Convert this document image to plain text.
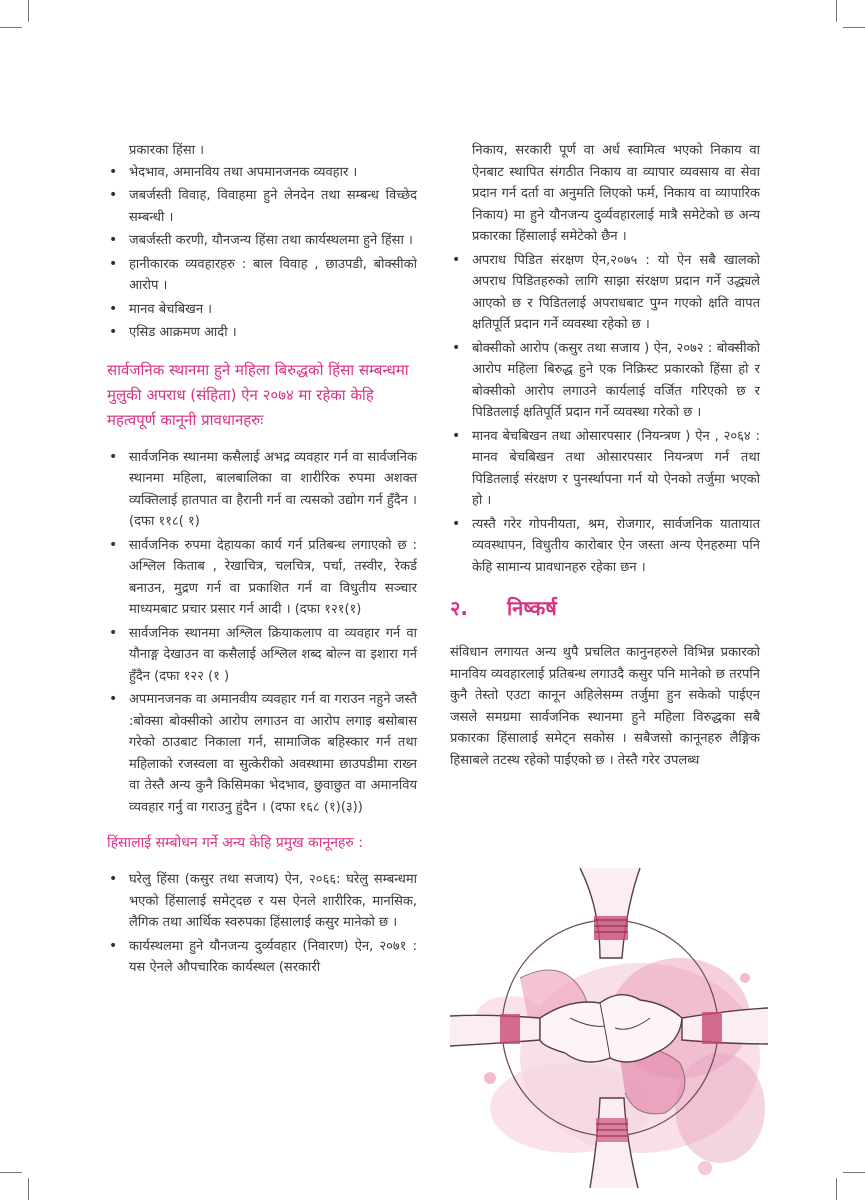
प्रकारका हिंसा ।

• भेदभाव, अमानविय तथा अपमानजनक व्यवहार ।
• जबर्जस्ती विवाह, विवाहमा हुने लेनदेन तथा सम्बन्ध विच्छेद सम्बन्धी ।
• जबर्जस्ती करणी, यौनजन्य हिंसा तथा कार्यस्थलमा हुने हिंसा ।
• हानीकारक व्यवहारहरु : बाल विवाह , छाउपडी, बोक्सीको आरोप ।
• मानव बेचबिखन ।
• एसिड आक्रमण आदी ।
सार्वजनिक स्थानमा हुने महिला बिरुद्धको हिंसा सम्बन्धमा मुलुकी अपराध (संहिता) ऐन २०७४ मा रहेका केहि महत्वपूर्ण कानूनी प्रावधानहरुः
• सार्वजनिक स्थानमा कसैलाई अभद्र व्यवहार गर्न वा सार्वजनिक स्थानमा महिला, बालबालिका वा शारीरिक रुपमा अशक्त व्यक्तिलाई हातपात वा हैरानी गर्न वा त्यसको उद्योग गर्न हुँदैन । (दफा ११८( १)
• सार्वजनिक रुपमा देहायका कार्य गर्न प्रतिबन्ध लगाएको छ : अश्लिल किताब , रेखाचित्र, चलचित्र, पर्चा, तस्वीर, रेकर्ड बनाउन, मुद्रण गर्न वा प्रकाशित गर्न वा विधुतीय सञ्चार माध्यमबाट प्रचार प्रसार गर्न आदी । (दफा १२१(१)
• सार्वजनिक स्थानमा अश्लिल क्रियाकलाप वा व्यवहार गर्न वा यौनाङ्ग देखाउन वा कसैलाई अश्लिल शब्द बोल्न वा इशारा गर्न हुँदैन (दफा १२२ (१ )
• अपमानजनक वा अमानवीय व्यवहार गर्न वा गराउन नहुने जस्तै :बोक्सा बोक्सीको आरोप लगाउन वा आरोप लगाइ बसोबास गरेको ठाउबाट निकाला गर्न, सामाजिक बहिस्कार गर्न तथा महिलाको रजस्वला वा सुत्केरीको अवस्थामा छाउपडीमा राख्न वा तेस्तै अन्य कुनै किसिमका भेदभाव, छुवाछुत वा अमानविय व्यवहार गर्नु वा गराउनु हुंदैन । (दफा १६८ (१)(३))
हिंसालाई सम्बोधन गर्ने अन्य केहि प्रमुख कानूनहरु :
• घरेलु हिंसा (कसुर तथा सजाय) ऐन, २०६६: घरेलु सम्बन्धमा भएको हिंसालाई समेट्दछ र यस ऐनले शारीरिक, मानसिक, लैगिक तथा आर्थिक स्वरुपका हिंसालाई कसुर मानेको छ ।
• कार्यस्थलमा हुने यौनजन्य दुर्व्यवहार (निवारण) ऐन, २०७१ : यस ऐनले औपचारिक कार्यस्थल (सरकारी

निकाय, सरकारी पूर्ण वा अर्ध स्वामित्व भएको निकाय वा ऐनबाट स्थापित संगठीत निकाय वा व्यापार व्यवसाय वा सेवा प्रदान गर्न दर्ता वा अनुमति लिएको फर्म, निकाय वा व्यापारिक निकाय) मा हुने यौनजन्य दुर्व्यवहारलाई मात्रै समेटेको छ अन्य प्रकारका हिंसालाई समेटेको छैन ।

• अपराध पिडित संरक्षण ऐन,२०७५ : यो ऐन सबै खालको अपराध पिडितहरुको लागि साझा संरक्षण प्रदान गर्ने उद्ध्यले आएको छ र पिडितलाई अपराधबाट पुग्न गएको क्षति वापत क्षतिपूर्ति प्रदान गर्ने व्यवस्था रहेको छ ।
• बोक्सीको आरोप (कसुर तथा सजाय ) ऐन, २०७२ : बोक्सीको आरोप महिला बिरुद्ध हुने एक निक्रिस्ट प्रकारको हिंसा हो र बोक्सीको आरोप लगाउने कार्यलाई वर्जित गरिएको छ र पिडितलाई क्षतिपूर्ति प्रदान गर्ने व्यवस्था गरेको छ ।
• मानव बेचबिखन तथा ओसारपसार (नियन्त्रण ) ऐन , २०६४ : मानव बेचबिखन तथा ओसारपसार नियन्त्रण गर्न तथा पिडितलाई संरक्षण र पुनर्स्थापना गर्न यो ऐनको तर्जुमा भएको हो ।
• त्यस्तै गरेर गोपनीयता, श्रम, रोजगार, सार्वजनिक यातायात व्यवस्थापन, विधुतीय कारोबार ऐन जस्ता अन्य ऐनहरुमा पनि केहि सामान्य प्रावधानहरु रहेका छन ।
२. निष्कर्ष

संविधान लगायत अन्य थुपै प्रचलित कानुनहरुले विभिन्न प्रकारको मानविय व्यवहारलाई प्रतिबन्ध लगाउदै कसुर पनि मानेको छ तरपनि कुनै तेस्तो एउटा कानून अहिलेसम्म तर्जुमा हुन सकेको पाईएन जसले समग्रमा सार्वजनिक स्थानमा हुने महिला विरुद्धका सबै प्रकारका हिंसालाई समेट्न सकोस । सबैजसो कानूनहरु लैङ्गिक हिसाबले तटस्थ रहेको पाईएको छ । तेस्तै गरेर उपलब्ध
